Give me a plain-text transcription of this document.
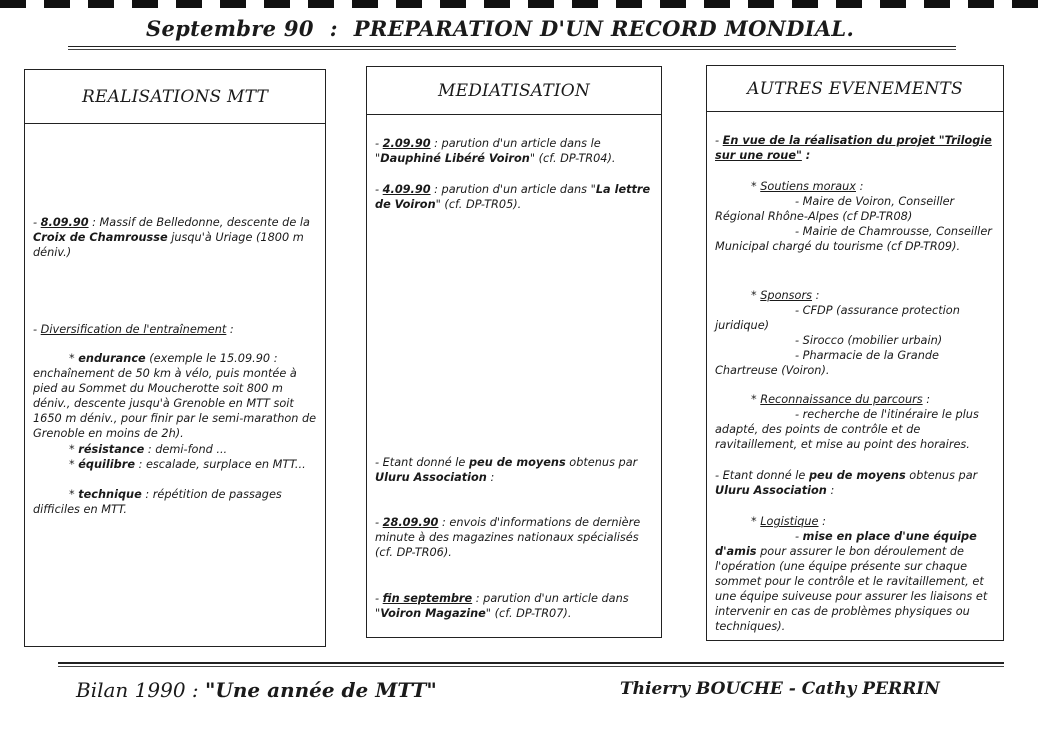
Septembre 90 : PREPARATION D'UN RECORD MONDIAL.
REALISATIONS MTT
- 8.09.90 : Massif de Belledonne, descente de la Croix de Chamrousse jusqu'à Uriage (1800 m déniv.)
- Diversification de l'entraînement :
* endurance (exemple le 15.09.90 : enchaînement de 50 km à vélo, puis montée à pied au Sommet du Moucherotte soit 800 m déniv., descente jusqu'à Grenoble en MTT soit 1650 m déniv., pour finir par le semi-marathon de Grenoble en moins de 2h).
* résistance : demi-fond ...
* équilibre : escalade, surplace en MTT...
* technique : répétition de passages difficiles en MTT.
MEDIATISATION
- 2.09.90 : parution d'un article dans le "Dauphiné Libéré Voiron" (cf. DP-TR04).
- 4.09.90 : parution d'un article dans "La lettre de Voiron" (cf. DP-TR05).
- Etant donné le peu de moyens obtenus par Uluru Association :
- 28.09.90 : envois d'informations de dernière minute à des magazines nationaux spécialisés (cf. DP-TR06).
- fin septembre : parution d'un article dans "Voiron Magazine" (cf. DP-TR07).
AUTRES EVENEMENTS
- En vue de la réalisation du projet "Trilogie sur une roue" :
* Soutiens moraux :
- Maire de Voiron, Conseiller Régional Rhône-Alpes (cf DP-TR08)
- Mairie de Chamrousse, Conseiller Municipal chargé du tourisme (cf DP-TR09).
* Sponsors :
- CFDP (assurance protection juridique)
- Sirocco (mobilier urbain)
- Pharmacie de la Grande Chartreuse (Voiron).
* Reconnaissance du parcours :
- recherche de l'itinéraire le plus adapté, des points de contrôle et de ravitaillement, et mise au point des horaires.
- Etant donné le peu de moyens obtenus par Uluru Association :
* Logistique :
- mise en place d'une équipe d'amis pour assurer le bon déroulement de l'opération (une équipe présente sur chaque sommet pour le contrôle et le ravitaillement, et une équipe suiveuse pour assurer les liaisons et intervenir en cas de problèmes physiques ou techniques).
Bilan 1990 : "Une année de MTT"	Thierry BOUCHE - Cathy PERRIN
